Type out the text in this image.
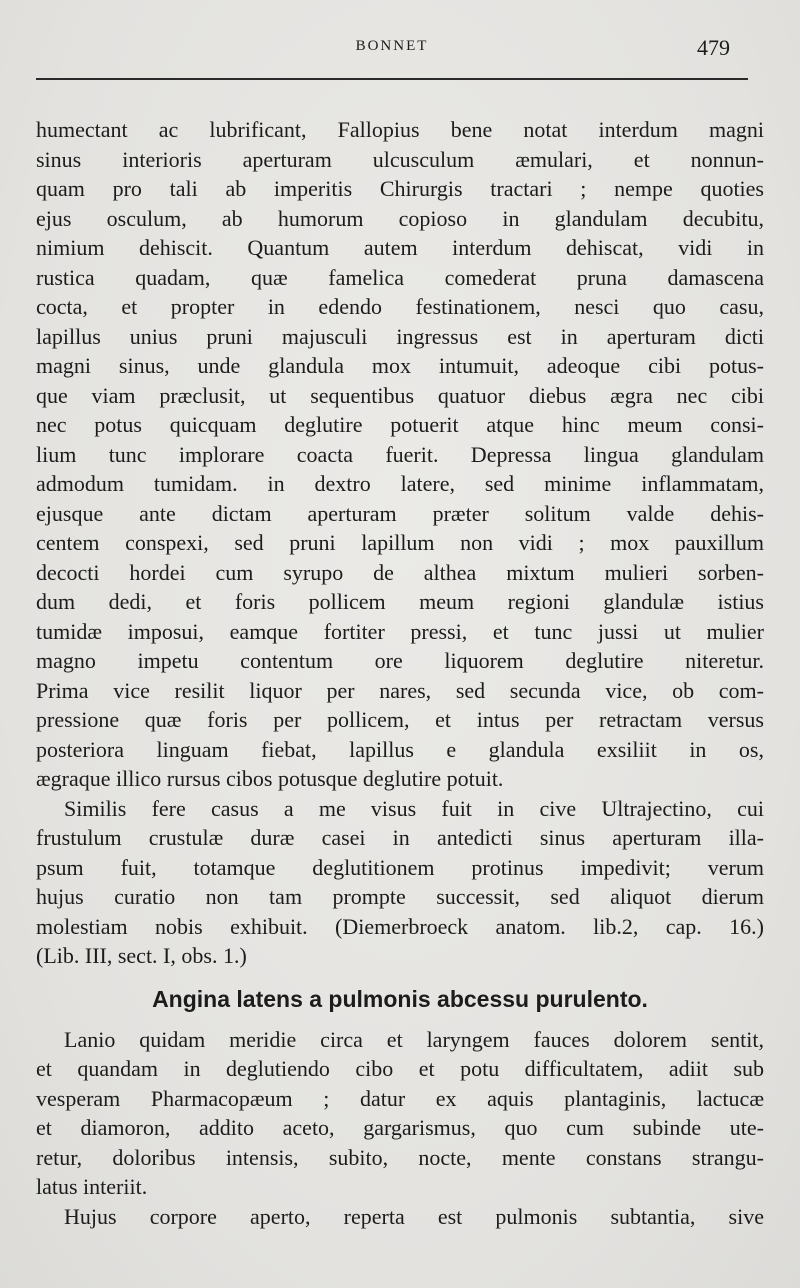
BONNET	479
humectant ac lubrificant, Fallopius bene notat interdum magni
sinus interioris aperturam ulcusculum æmulari, et nonnun-
quam pro tali ab imperitis Chirurgis tractari ; nempe quoties
ejus osculum, ab humorum copioso in glandulam decubitu,
nimium dehiscit. Quantum autem interdum dehiscat, vidi in
rustica quadam, quæ famelica comederat pruna damascena
cocta, et propter in edendo festinationem, nesci quo casu,
lapillus unius pruni majusculi ingressus est in aperturam dicti
magni sinus, unde glandula mox intumuit, adeoque cibi potus-
que viam præclusit, ut sequentibus quatuor diebus ægra nec cibi
nec potus quicquam deglutire potuerit atque hinc meum consi-
lium tunc implorare coacta fuerit. Depressa lingua glandulam
admodum tumidam. in dextro latere, sed minime inflammatam,
ejusque ante dictam aperturam præter solitum valde dehis-
centem conspexi, sed pruni lapillum non vidi ; mox pauxillum
decocti hordei cum syrupo de althea mixtum mulieri sorben-
dum dedi, et foris pollicem meum regioni glandulæ istius
tumidæ imposui, eamque fortiter pressi, et tunc jussi ut mulier
magno impetu contentum ore liquorem deglutire niteretur.
Prima vice resilit liquor per nares, sed secunda vice, ob com-
pressione quæ foris per pollicem, et intus per retractam versus
posteriora linguam fiebat, lapillus e glandula exsiliit in os,
ægraque illico rursus cibos potusque deglutire potuit.
Similis fere casus a me visus fuit in cive Ultrajectino, cui
frustulum crustulæ duræ casei in antedicti sinus aperturam illa-
psum fuit, totamque deglutitionem protinus impedivit; verum
hujus curatio non tam prompte successit, sed aliquot dierum
molestiam nobis exhibuit. (Diemerbroeck anatom. lib.2, cap. 16.)
(Lib. III, sect. I, obs. 1.)
Angina latens a pulmonis abcessu purulento.
Lanio quidam meridie circa et laryngem fauces dolorem sentit,
et quandam in deglutiendo cibo et potu difficultatem, adiit sub
vesperam Pharmacopæum ; datur ex aquis plantaginis, lactucæ
et diamoron, addito aceto, gargarismus, quo cum subinde ute-
retur, doloribus intensis, subito, nocte, mente constans strangu-
latus interiit.
Hujus corpore aperto, reperta est pulmonis subtantia, sive
